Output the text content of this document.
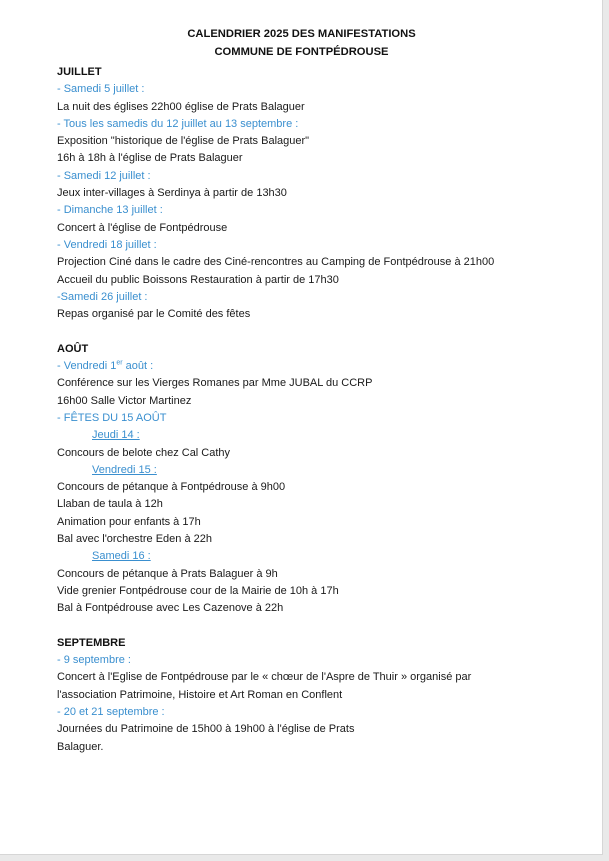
CALENDRIER 2025 DES MANIFESTATIONS
COMMUNE DE FONTPÉDROUSE
JUILLET
- Samedi 5 juillet :
La nuit des églises 22h00 église de Prats Balaguer
- Tous les samedis du 12 juillet au 13 septembre :
Exposition "historique de l'église de Prats Balaguer"
16h à 18h à l'église de Prats Balaguer
- Samedi 12 juillet :
Jeux inter-villages à Serdinya à partir de 13h30
- Dimanche 13 juillet :
Concert à l'église de Fontpédrouse
- Vendredi 18 juillet :
Projection Ciné dans le cadre des Ciné-rencontres au Camping de Fontpédrouse à 21h00
Accueil du public Boissons Restauration à partir de 17h30
-Samedi 26 juillet :
Repas organisé par le Comité des fêtes
AOÛT
- Vendredi 1er août :
Conférence sur les Vierges Romanes par Mme JUBAL du CCRP
16h00 Salle Victor Martinez
- FÊTES DU 15 AOÛT
Jeudi 14 :
Concours de belote chez Cal Cathy
Vendredi 15 :
Concours de pétanque à Fontpédrouse à 9h00
Llaban de taula à 12h
Animation pour enfants à 17h
Bal avec l'orchestre Eden à 22h
Samedi 16 :
Concours de pétanque à Prats Balaguer à 9h
Vide grenier Fontpédrouse cour de la Mairie de 10h à 17h
Bal à Fontpédrouse avec Les Cazenove à 22h
SEPTEMBRE
- 9 septembre :
Concert à l'Eglise de Fontpédrouse par le « chœur de l'Aspre de Thuir » organisé par
l'association Patrimoine, Histoire et Art Roman en Conflent
- 20 et 21 septembre :
Journées du Patrimoine de 15h00 à 19h00 à l'église de Prats
Balaguer.
